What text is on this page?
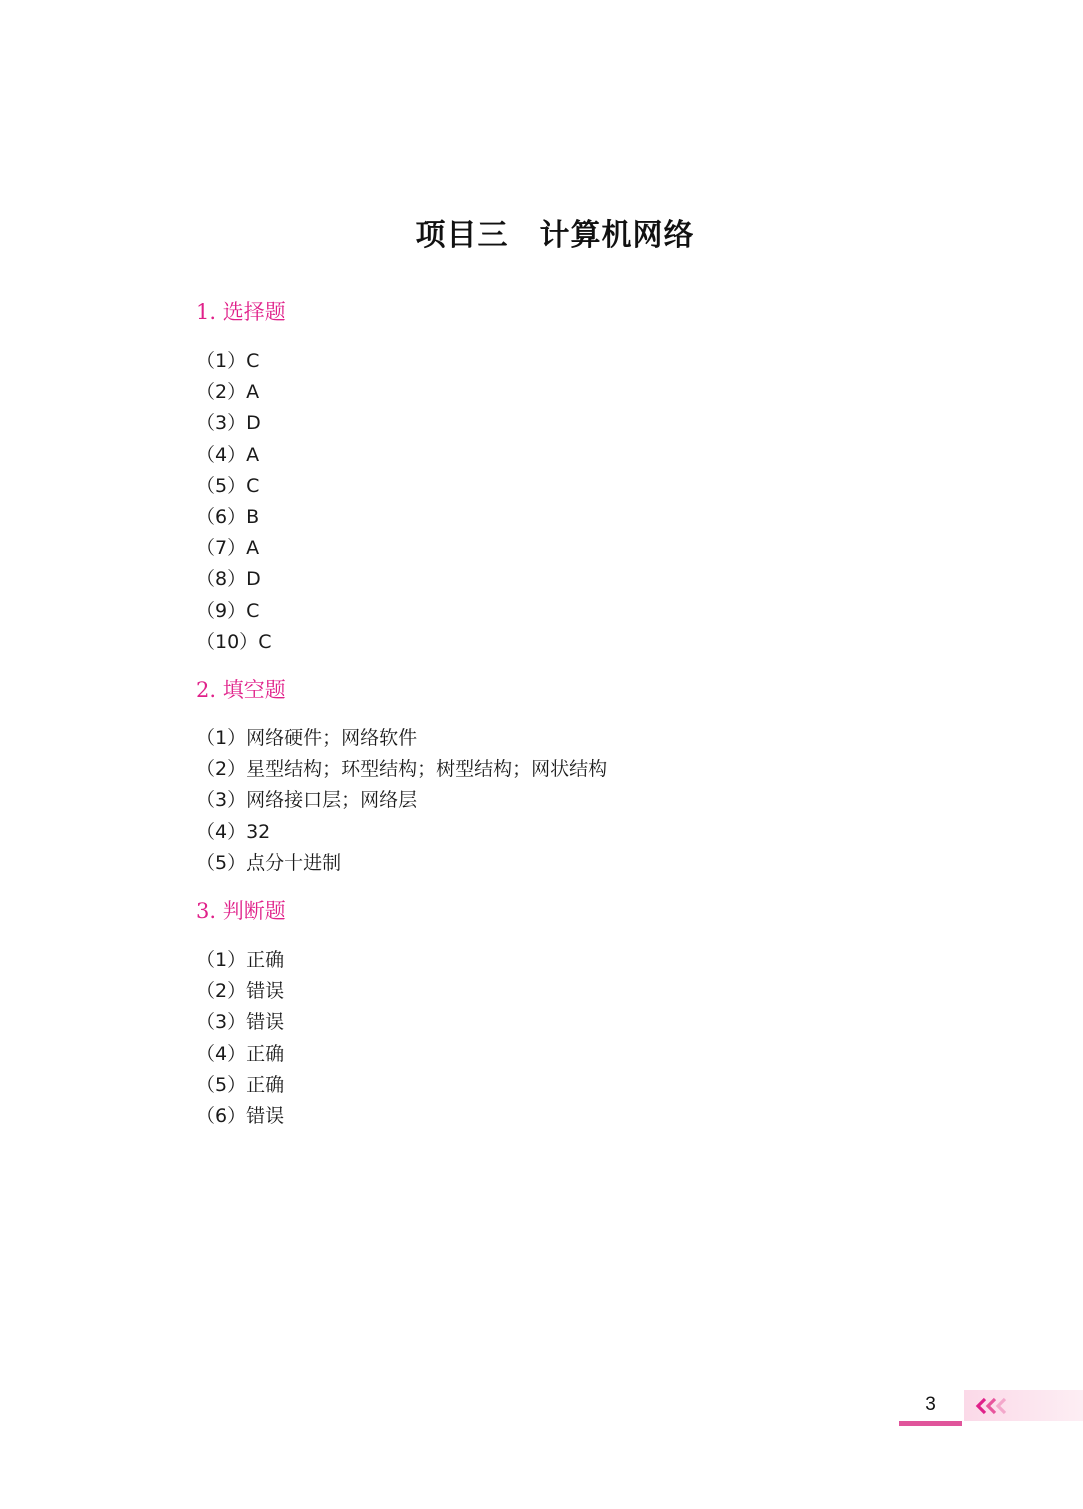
项目三　计算机网络
1. 选择题
（1）C
（2）A
（3）D
（4）A
（5）C
（6）B
（7）A
（8）D
（9）C
（10）C
2. 填空题
（1）网络硬件；网络软件
（2）星型结构；环型结构；树型结构；网状结构
（3）网络接口层；网络层
（4）32
（5）点分十进制
3. 判断题
（1）正确
（2）错误
（3）错误
（4）正确
（5）正确
（6）错误
3
